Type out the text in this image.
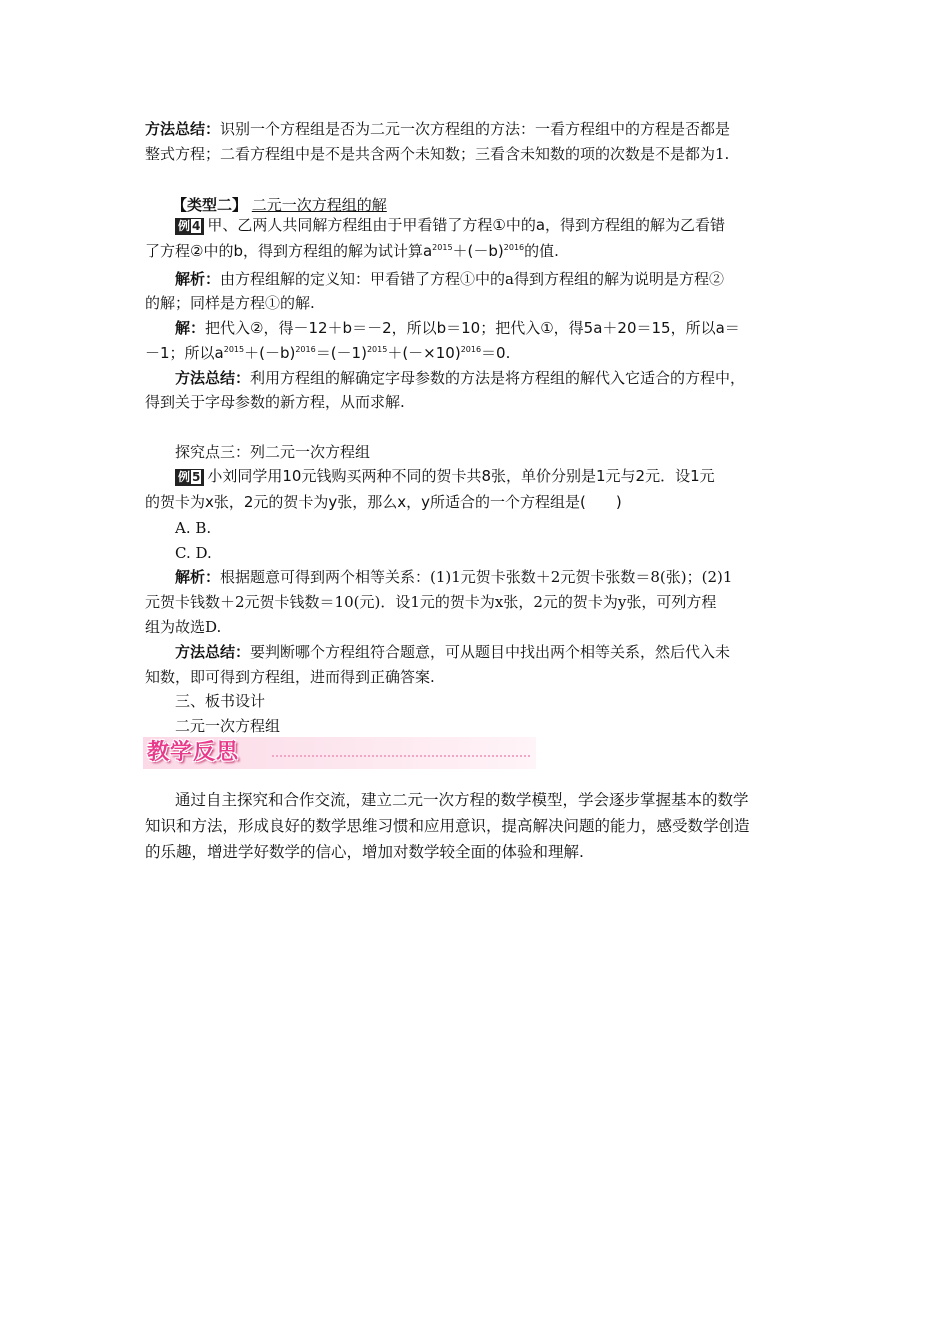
方法总结：识别一个方程组是否为二元一次方程组的方法：一看方程组中的方程是否都是
整式方程；二看方程组中是不是共含两个未知数；三看含未知数的项的次数是不是都为1.
【类型二】 二元一次方程组的解
例 4 甲、乙两人共同解方程组由于甲看错了方程①中的a，得到方程组的解为乙看错
了方程②中的b，得到方程组的解为试计算$a^{2015}+(-b)^{2016}$的值.
解析：由方程组解的定义知：甲看错了方程①中的a得到方程组的解为说明是方程②
的解；同样是方程①的解.
解：把代入②，得－12＋b＝－2，所以b＝10；把代入①，得5a＋20＝15，所以a＝
－1；所以$a^{2015}+(-b)^{2016}=(-1)^{2015}+(-\times 10)^{2016}=0$.
方法总结：利用方程组的解确定字母参数的方法是将方程组的解代入它适合的方程中，
得到关于字母参数的新方程，从而求解.
探究点三：列二元一次方程组
例 5 小刘同学用10元钱购买两种不同的贺卡共8张，单价分别是1元与2元．设1元
的贺卡为x张，2元的贺卡为y张，那么x，y所适合的一个方程组是(　　)
A. B.
C. D.
解析：根据题意可得到两个相等关系：(1)1元贺卡张数＋2元贺卡张数＝8(张)；(2)1
元贺卡钱数＋2元贺卡钱数＝10(元)．设1元的贺卡为x张，2元的贺卡为y张，可列方程
组为故选D.
方法总结：要判断哪个方程组符合题意，可从题目中找出两个相等关系，然后代入未
知数，即可得到方程组，进而得到正确答案.
三、板书设计
二元一次方程组
教学反思
通过自主探究和合作交流，建立二元一次方程的数学模型，学会逐步掌握基本的数学
知识和方法，形成良好的数学思维习惯和应用意识，提高解决问题的能力，感受数学创造
的乐趣，增进学好数学的信心，增加对数学较全面的体验和理解.
